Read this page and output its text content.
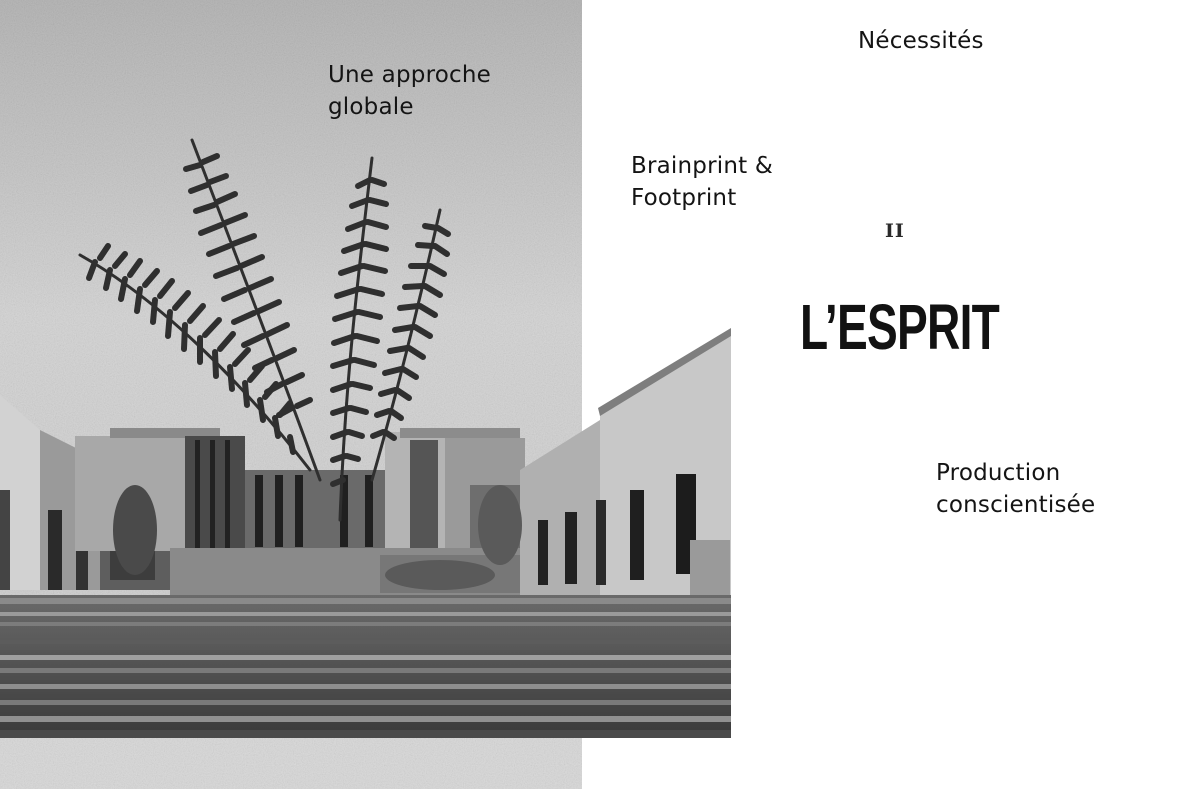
Une approche
globale
Nécessités
Brainprint &
Footprint
II
L’ESPRIT
Production
conscientisée
